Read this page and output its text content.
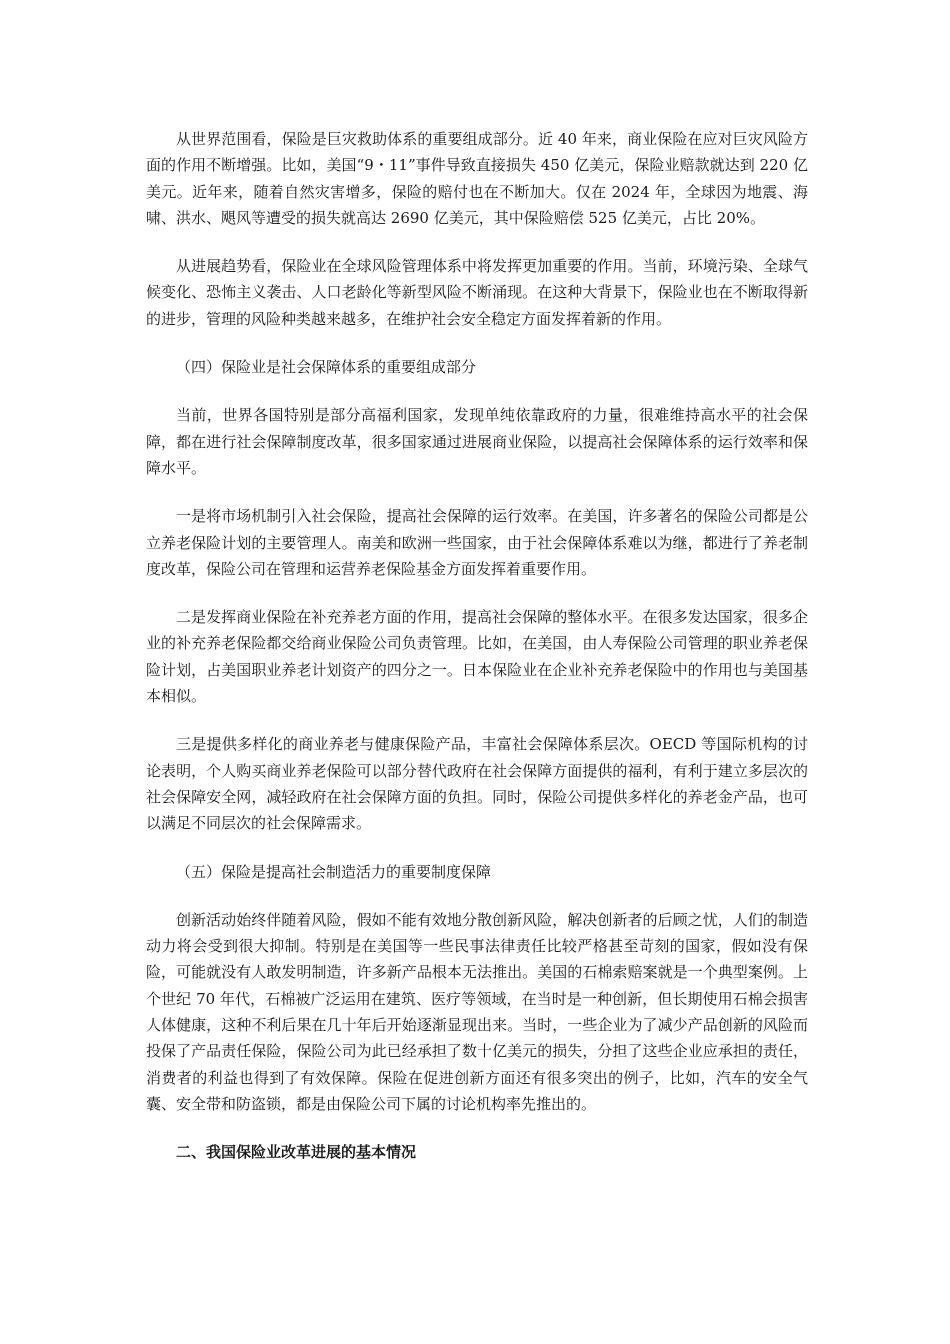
从世界范围看，保险是巨灾救助体系的重要组成部分。近 40 年来，商业保险在应对巨灾风险方面的作用不断增强。比如，美国“9・11”事件导致直接损失 450 亿美元，保险业赔款就达到 220 亿美元。近年来，随着自然灾害增多，保险的赔付也在不断加大。仅在 2024 年，全球因为地震、海啸、洪水、飓风等遭受的损失就高达 2690 亿美元，其中保险赔偿 525 亿美元，占比 20%。

从进展趋势看，保险业在全球风险管理体系中将发挥更加重要的作用。当前，环境污染、全球气候变化、恐怖主义袭击、人口老龄化等新型风险不断涌现。在这种大背景下，保险业也在不断取得新的进步，管理的风险种类越来越多，在维护社会安全稳定方面发挥着新的作用。

（四）保险业是社会保障体系的重要组成部分

当前，世界各国特别是部分高福利国家，发现单纯依靠政府的力量，很难维持高水平的社会保障，都在进行社会保障制度改革，很多国家通过进展商业保险，以提高社会保障体系的运行效率和保障水平。

一是将市场机制引入社会保险，提高社会保障的运行效率。在美国，许多著名的保险公司都是公立养老保险计划的主要管理人。南美和欧洲一些国家，由于社会保障体系难以为继，都进行了养老制度改革，保险公司在管理和运营养老保险基金方面发挥着重要作用。

二是发挥商业保险在补充养老方面的作用，提高社会保障的整体水平。在很多发达国家，很多企业的补充养老保险都交给商业保险公司负责管理。比如，在美国，由人寿保险公司管理的职业养老保险计划，占美国职业养老计划资产的四分之一。日本保险业在企业补充养老保险中的作用也与美国基本相似。

三是提供多样化的商业养老与健康保险产品，丰富社会保障体系层次。OECD 等国际机构的讨论表明，个人购买商业养老保险可以部分替代政府在社会保障方面提供的福利，有利于建立多层次的社会保障安全网，减轻政府在社会保障方面的负担。同时，保险公司提供多样化的养老金产品，也可以满足不同层次的社会保障需求。

（五）保险是提高社会制造活力的重要制度保障

创新活动始终伴随着风险，假如不能有效地分散创新风险，解决创新者的后顾之忧，人们的制造动力将会受到很大抑制。特别是在美国等一些民事法律责任比较严格甚至苛刻的国家，假如没有保险，可能就没有人敢发明制造，许多新产品根本无法推出。美国的石棉索赔案就是一个典型案例。上个世纪 70 年代，石棉被广泛运用在建筑、医疗等领域，在当时是一种创新，但长期使用石棉会损害人体健康，这种不利后果在几十年后开始逐渐显现出来。当时，一些企业为了减少产品创新的风险而投保了产品责任保险，保险公司为此已经承担了数十亿美元的损失，分担了这些企业应承担的责任，消费者的利益也得到了有效保障。保险在促进创新方面还有很多突出的例子，比如，汽车的安全气囊、安全带和防盗锁，都是由保险公司下属的讨论机构率先推出的。

二、我国保险业改革进展的基本情况
